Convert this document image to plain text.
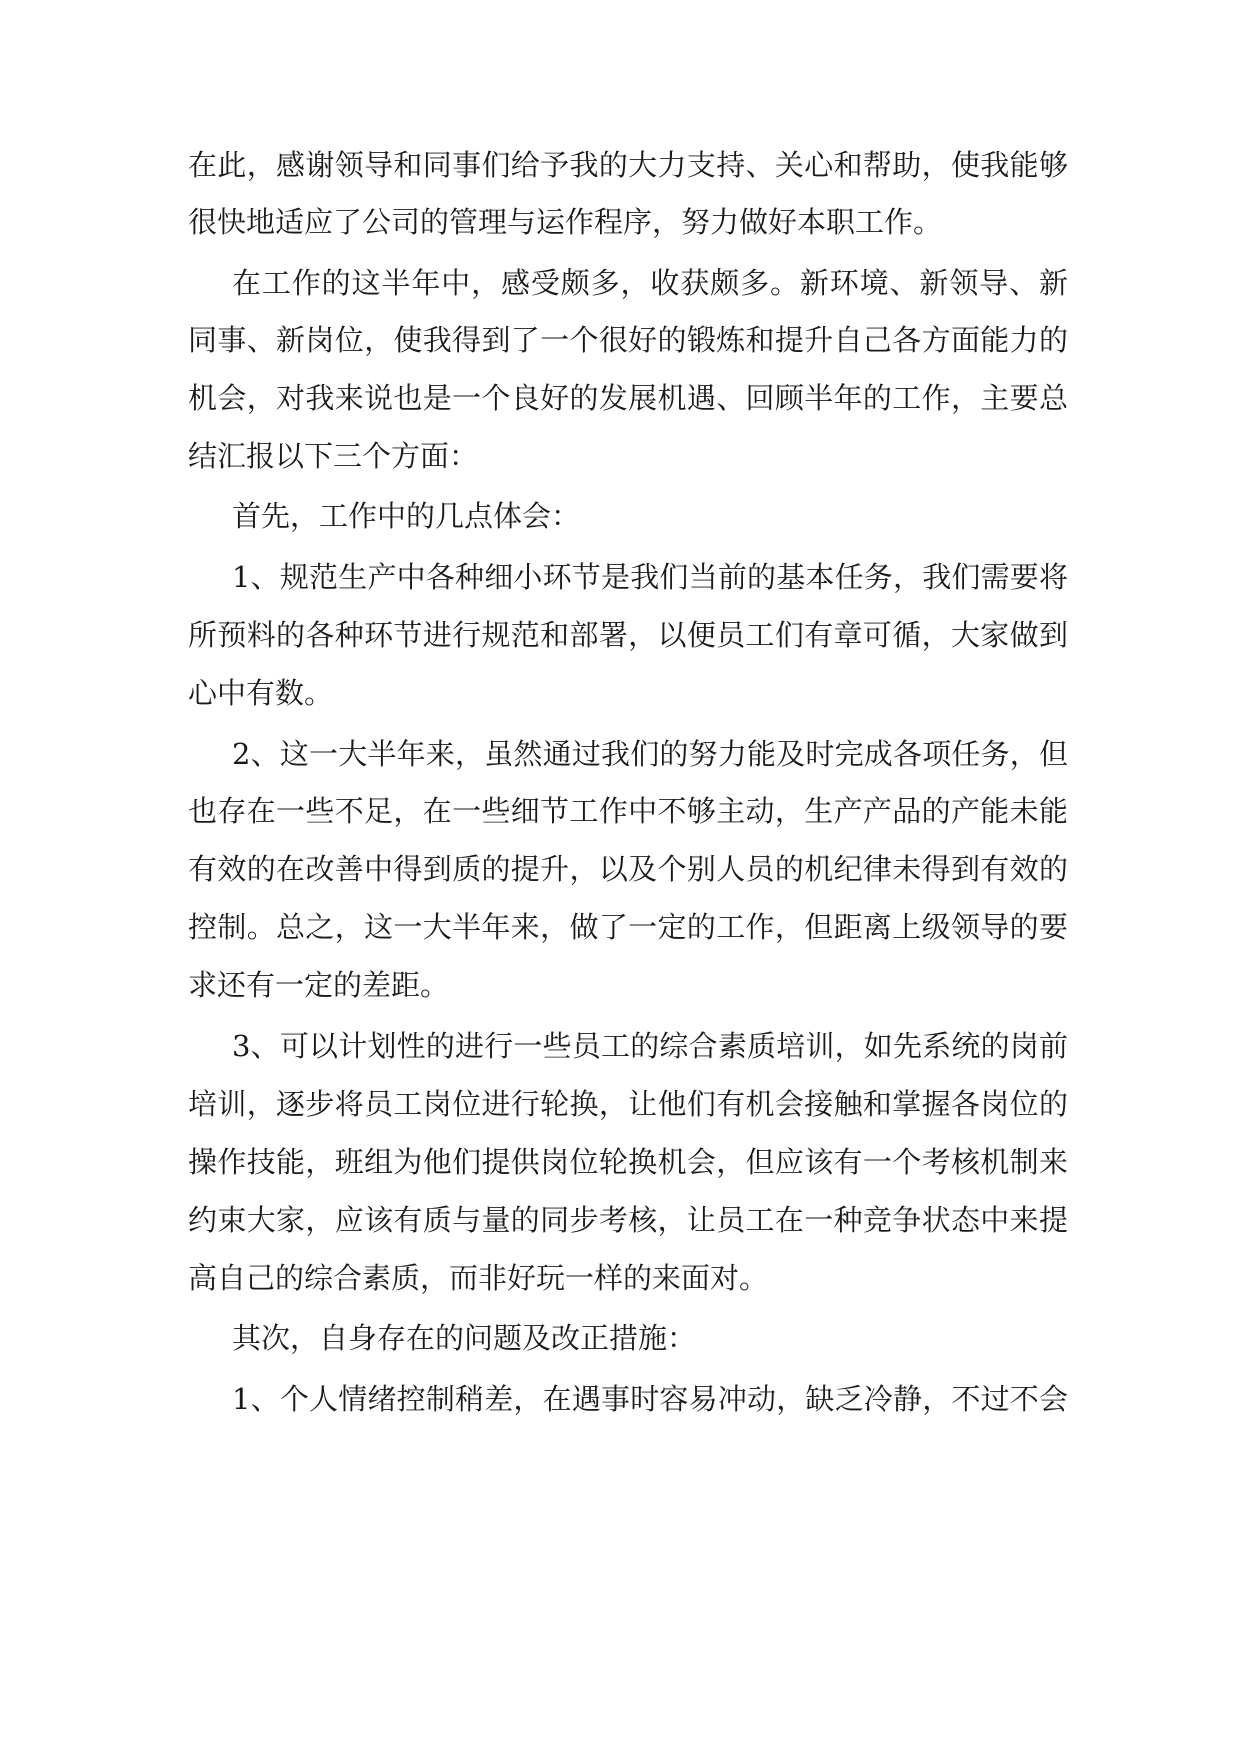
在此，感谢领导和同事们给予我的大力支持、关心和帮助，使我能够
很快地适应了公司的管理与运作程序，努力做好本职工作。
在工作的这半年中，感受颇多，收获颇多。新环境、新领导、新
同事、新岗位，使我得到了一个很好的锻炼和提升自己各方面能力的
机会，对我来说也是一个良好的发展机遇、回顾半年的工作，主要总
结汇报以下三个方面：
首先，工作中的几点体会：
1、规范生产中各种细小环节是我们当前的基本任务，我们需要将
所预料的各种环节进行规范和部署，以便员工们有章可循，大家做到
心中有数。
2、这一大半年来，虽然通过我们的努力能及时完成各项任务，但
也存在一些不足，在一些细节工作中不够主动，生产产品的产能未能
有效的在改善中得到质的提升，以及个别人员的机纪律未得到有效的
控制。总之，这一大半年来，做了一定的工作，但距离上级领导的要
求还有一定的差距。
3、可以计划性的进行一些员工的综合素质培训，如先系统的岗前
培训，逐步将员工岗位进行轮换，让他们有机会接触和掌握各岗位的
操作技能，班组为他们提供岗位轮换机会，但应该有一个考核机制来
约束大家，应该有质与量的同步考核，让员工在一种竞争状态中来提
高自己的综合素质，而非好玩一样的来面对。
其次，自身存在的问题及改正措施：
1、个人情绪控制稍差，在遇事时容易冲动，缺乏冷静，不过不会
